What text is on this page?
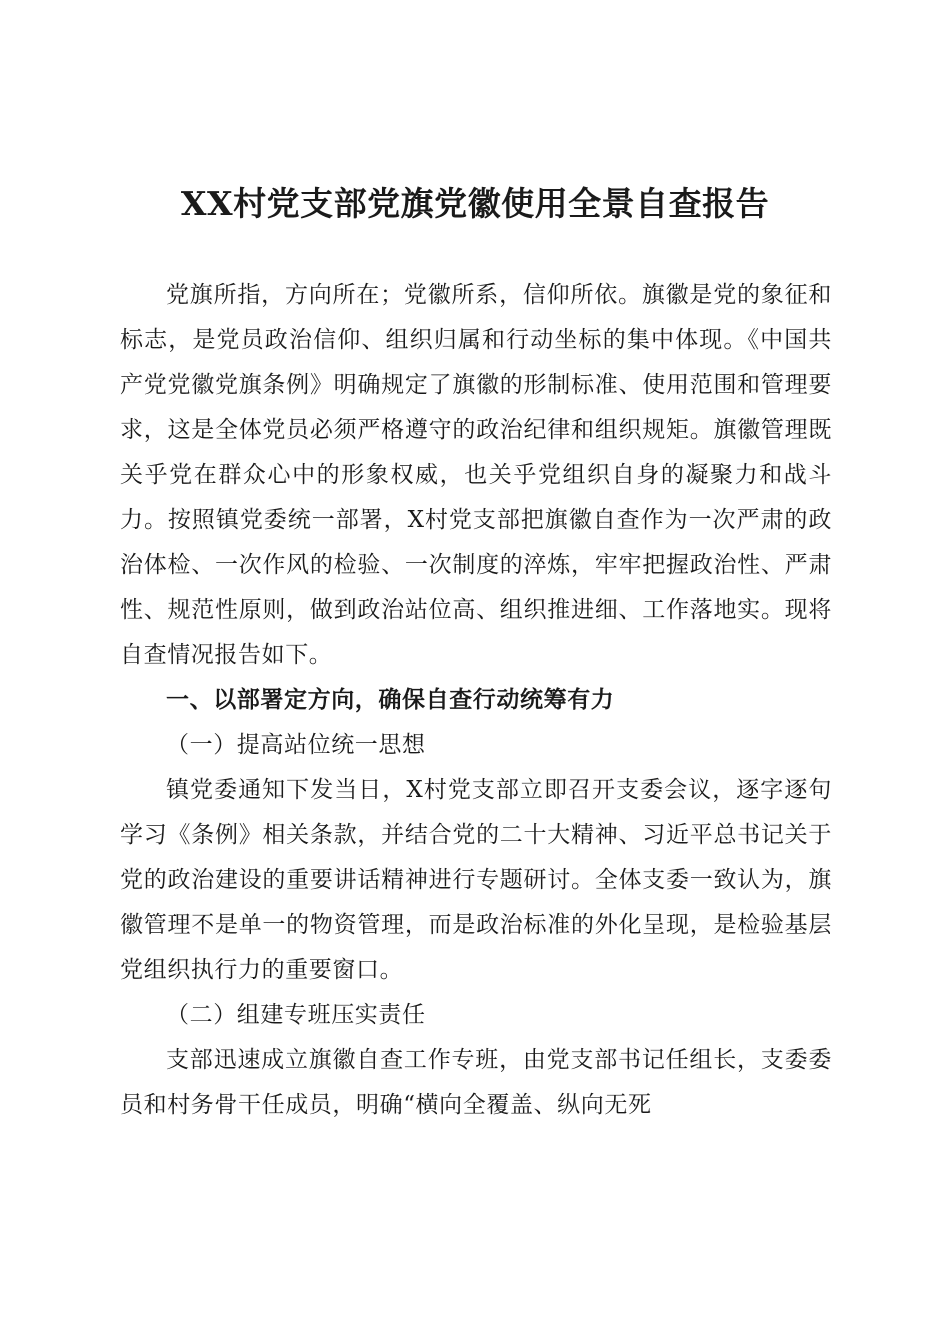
XX村党支部党旗党徽使用全景自查报告

党旗所指，方向所在；党徽所系，信仰所依。旗徽是党的象征和标志，是党员政治信仰、组织归属和行动坐标的集中体现。《中国共产党党徽党旗条例》明确规定了旗徽的形制标准、使用范围和管理要求，这是全体党员必须严格遵守的政治纪律和组织规矩。旗徽管理既关乎党在群众心中的形象权威，也关乎党组织自身的凝聚力和战斗力。按照镇党委统一部署，X村党支部把旗徽自查作为一次严肃的政治体检、一次作风的检验、一次制度的淬炼，牢牢把握政治性、严肃性、规范性原则，做到政治站位高、组织推进细、工作落地实。现将自查情况报告如下。

一、以部署定方向，确保自查行动统筹有力

（一）提高站位统一思想

镇党委通知下发当日，X村党支部立即召开支委会议，逐字逐句学习《条例》相关条款，并结合党的二十大精神、习近平总书记关于党的政治建设的重要讲话精神进行专题研讨。全体支委一致认为，旗徽管理不是单一的物资管理，而是政治标准的外化呈现，是检验基层党组织执行力的重要窗口。

（二）组建专班压实责任

支部迅速成立旗徽自查工作专班，由党支部书记任组长，支委委员和村务骨干任成员，明确“横向全覆盖、纵向无死
